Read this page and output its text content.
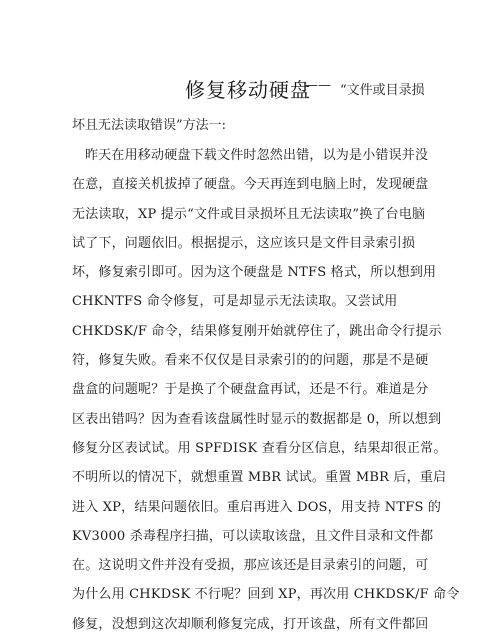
修复移动硬盘
—— “文件或目录损
坏且无法读取错误”方法一:
昨天在用移动硬盘下载文件时忽然出错，以为是小错误并没
在意，直接关机拔掉了硬盘。今天再连到电脑上时，发现硬盘
无法读取，XP 提示“文件或目录损坏且无法读取”换了台电脑
试了下，问题依旧。根据提示，这应该只是文件目录索引损
坏，修复索引即可。因为这个硬盘是 NTFS 格式，所以想到用
CHKNTFS 命令修复，可是却显示无法读取。又尝试用
CHKDSK/F 命令，结果修复刚开始就停住了，跳出命令行提示
符，修复失败。看来不仅仅是目录索引的的问题，那是不是硬
盘盒的问题呢？于是换了个硬盘盒再试，还是不行。难道是分
区表出错吗？因为查看该盘属性时显示的数据都是 0，所以想到
修复分区表试试。用 SPFDISK 查看分区信息，结果却很正常。
不明所以的情况下，就想重置 MBR 试试。重置 MBR 后，重启
进入 XP，结果问题依旧。重启再进入 DOS，用支持 NTFS 的
KV3000 杀毒程序扫描，可以读取该盘，且文件目录和文件都
在。这说明文件并没有受损，那应该还是目录索引的问题，可
为什么用 CHKDSK 不行呢？回到 XP，再次用 CHKDSK/F 命令
修复，没想到这次却顺利修复完成，打开该盘，所有文件都回
